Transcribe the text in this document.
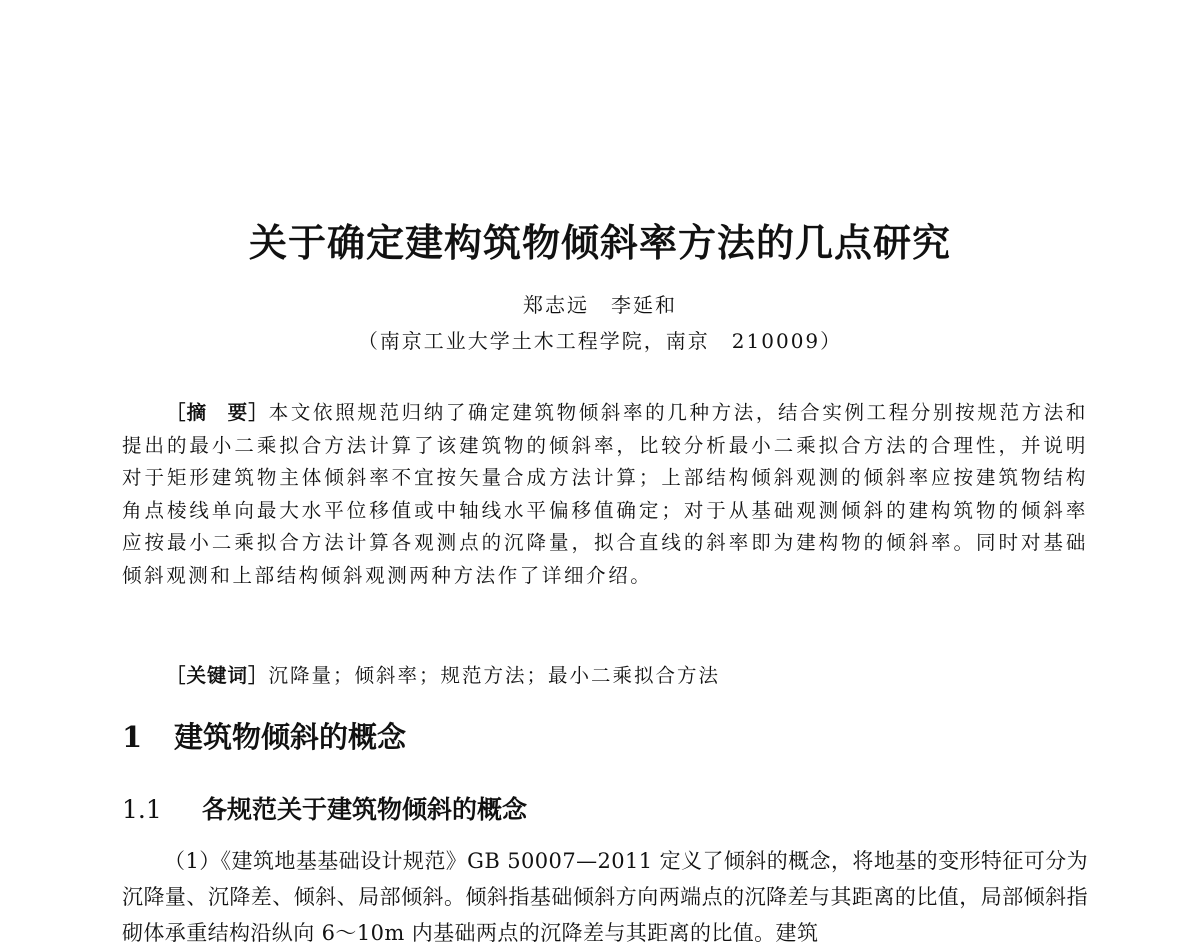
关于确定建构筑物倾斜率方法的几点研究
郑志远　李延和
（南京工业大学土木工程学院，南京　210009）
［摘　要］本文依照规范归纳了确定建筑物倾斜率的几种方法，结合实例工程分别按规范方法和提出的最小二乘拟合方法计算了该建筑物的倾斜率，比较分析最小二乘拟合方法的合理性，并说明对于矩形建筑物主体倾斜率不宜按矢量合成方法计算；上部结构倾斜观测的倾斜率应按建筑物结构角点棱线单向最大水平位移值或中轴线水平偏移值确定；对于从基础观测倾斜的建构筑物的倾斜率应按最小二乘拟合方法计算各观测点的沉降量，拟合直线的斜率即为建构物的倾斜率。同时对基础倾斜观测和上部结构倾斜观测两种方法作了详细介绍。
［关键词］沉降量；倾斜率；规范方法；最小二乘拟合方法
1 建筑物倾斜的概念
1.1 各规范关于建筑物倾斜的概念
（1）《建筑地基基础设计规范》GB 50007—2011 定义了倾斜的概念，将地基的变形特征可分为沉降量、沉降差、倾斜、局部倾斜。倾斜指基础倾斜方向两端点的沉降差与其距离的比值，局部倾斜指砌体承重结构沿纵向 6～10m 内基础两点的沉降差与其距离的比值。建筑
